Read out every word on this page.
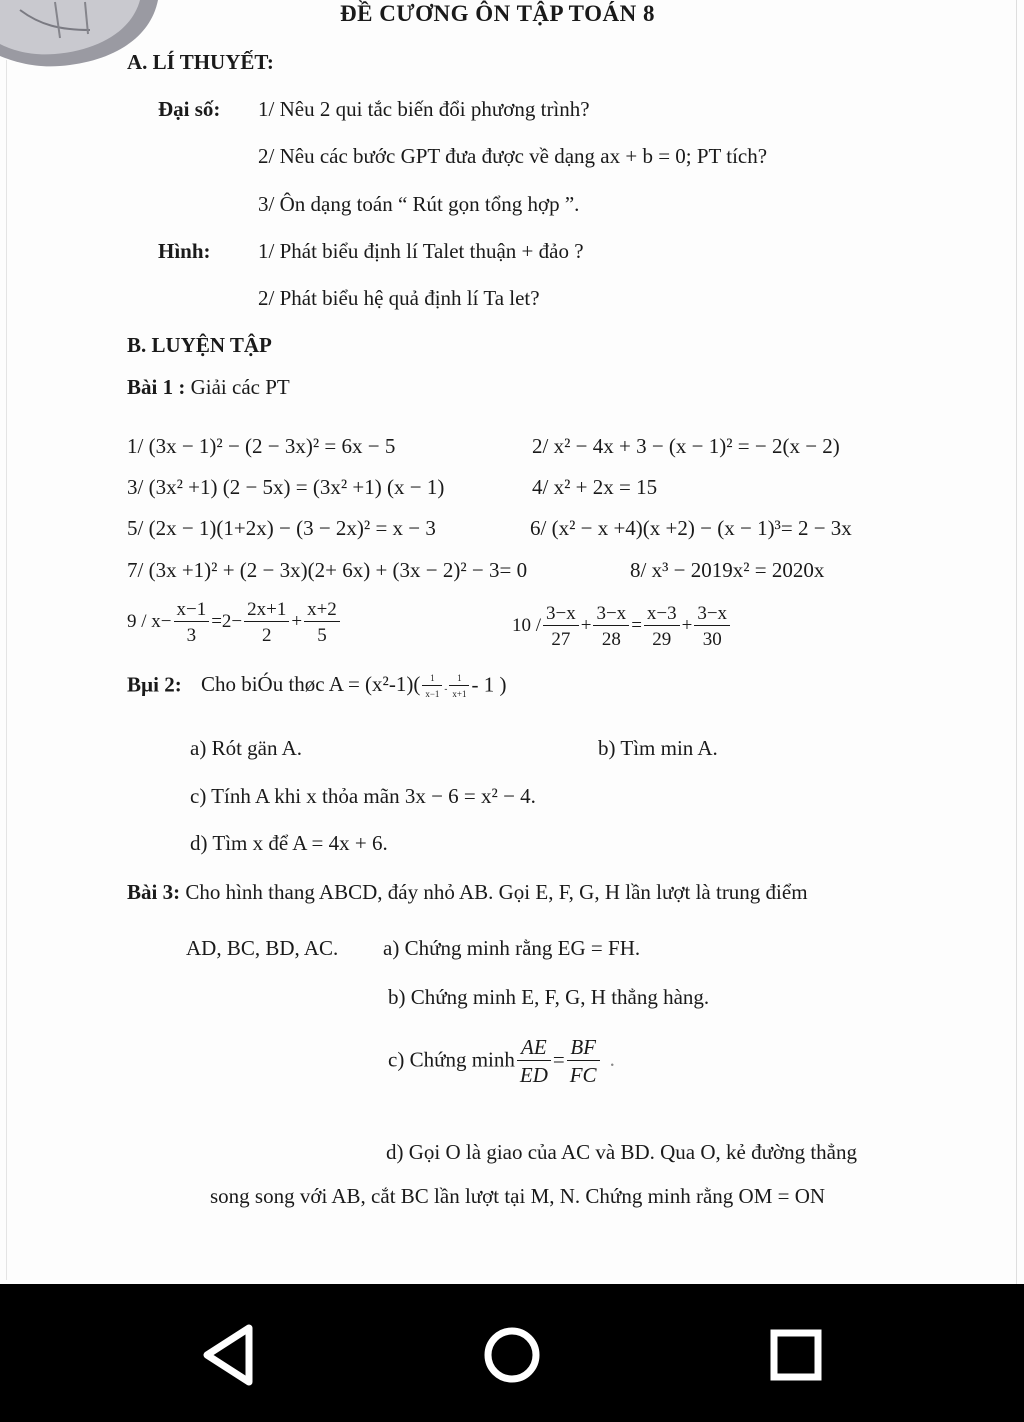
ĐỀ CƯƠNG ÔN TẬP TOÁN 8
A. LÍ THUYẾT:
Đại số: 1/ Nêu 2 qui tắc biến đổi phương trình?
2/ Nêu các bước GPT đưa được về dạng ax + b = 0; PT tích?
3/ Ôn dạng toán “ Rút gọn tổng hợp ”.
Hình: 1/ Phát biểu định lí Talet thuận + đảo ?
2/ Phát biểu hệ quả định lí Ta let?
B. LUYỆN TẬP
Bài 1 : Giải các PT
1/ (3x − 1)² − (2 − 3x)² = 6x − 5	2/ x² − 4x + 3 − (x − 1)² = − 2(x − 2)
3/ (3x² +1) (2 − 5x) = (3x² +1) (x − 1)	4/ x² + 2x = 15
5/ (2x − 1)(1+2x) − (3 − 2x)² = x − 3	6/ (x² − x +4)(x +2) − (x − 1)³= 2 − 3x
7/ (3x +1)² + (2 − 3x)(2+ 6x) + (3x − 2)² − 3= 0	8/ x³ − 2019x² = 2020x
$9 / x- \frac{x-1}{3} =2- \frac{2x+1}{2} + \frac{x+2}{5}$	$10 / \frac{3-x}{27} + \frac{3-x}{28} = \frac{x-3}{29} + \frac{3-x}{30}$
Bµi 2: Cho biÓu thøc $A = (x^2-1)( \frac{1}{x-1} - \frac{1}{x+1} - 1$ )
a) Rót gän A.	b) Tìm min A.
c) Tính A khi x thỏa mãn 3x − 6 = x² − 4.
d) Tìm x để A = 4x + 6.
Bài 3: Cho hình thang ABCD, đáy nhỏ AB. Gọi E, F, G, H lần lượt là trung điểm
AD, BC, BD, AC. a) Chứng minh rằng EG = FH.
b) Chứng minh E, F, G, H thẳng hàng.
c) Chứng minh $\frac{AE}{ED} = \frac{BF}{FC}$ .
d) Gọi O là giao của AC và BD. Qua O, kẻ đường thẳng
song song với AB, cắt BC lần lượt tại M, N. Chứng minh rằng OM = ON
